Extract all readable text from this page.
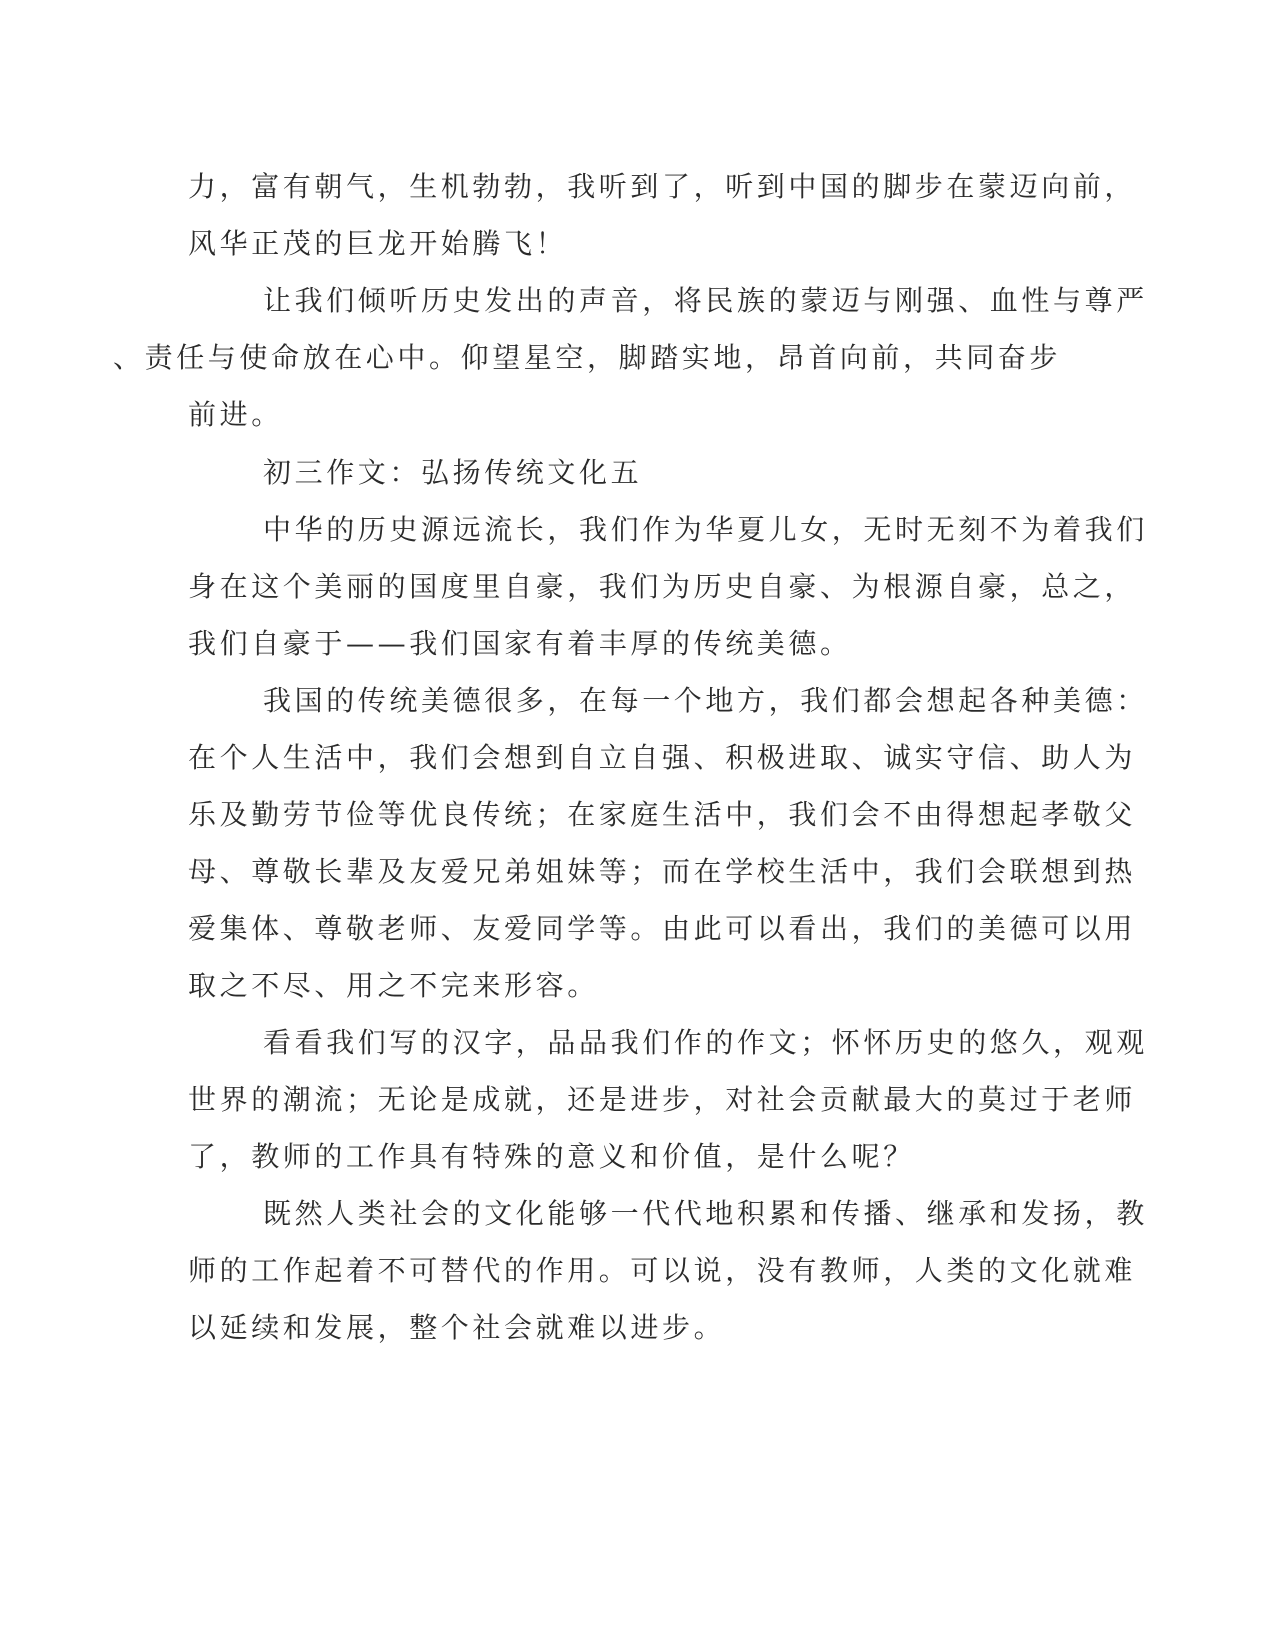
力，富有朝气，生机勃勃，我听到了，听到中国的脚步在蒙迈向前，
风华正茂的巨龙开始腾飞！

让我们倾听历史发出的声音，将民族的蒙迈与刚强、血性与尊严
、责任与使命放在心中。仰望星空，脚踏实地，昂首向前，共同奋步
前进。

初三作文：弘扬传统文化五

中华的历史源远流长，我们作为华夏儿女，无时无刻不为着我们
身在这个美丽的国度里自豪，我们为历史自豪、为根源自豪，总之，
我们自豪于——我们国家有着丰厚的传统美德。

我国的传统美德很多，在每一个地方，我们都会想起各种美德：
在个人生活中，我们会想到自立自强、积极进取、诚实守信、助人为
乐及勤劳节俭等优良传统；在家庭生活中，我们会不由得想起孝敬父
母、尊敬长辈及友爱兄弟姐妹等；而在学校生活中，我们会联想到热
爱集体、尊敬老师、友爱同学等。由此可以看出，我们的美德可以用
取之不尽、用之不完来形容。

看看我们写的汉字，品品我们作的作文；怀怀历史的悠久，观观
世界的潮流；无论是成就，还是进步，对社会贡献最大的莫过于老师
了，教师的工作具有特殊的意义和价值，是什么呢？

既然人类社会的文化能够一代代地积累和传播、继承和发扬，教
师的工作起着不可替代的作用。可以说，没有教师，人类的文化就难
以延续和发展，整个社会就难以进步。
